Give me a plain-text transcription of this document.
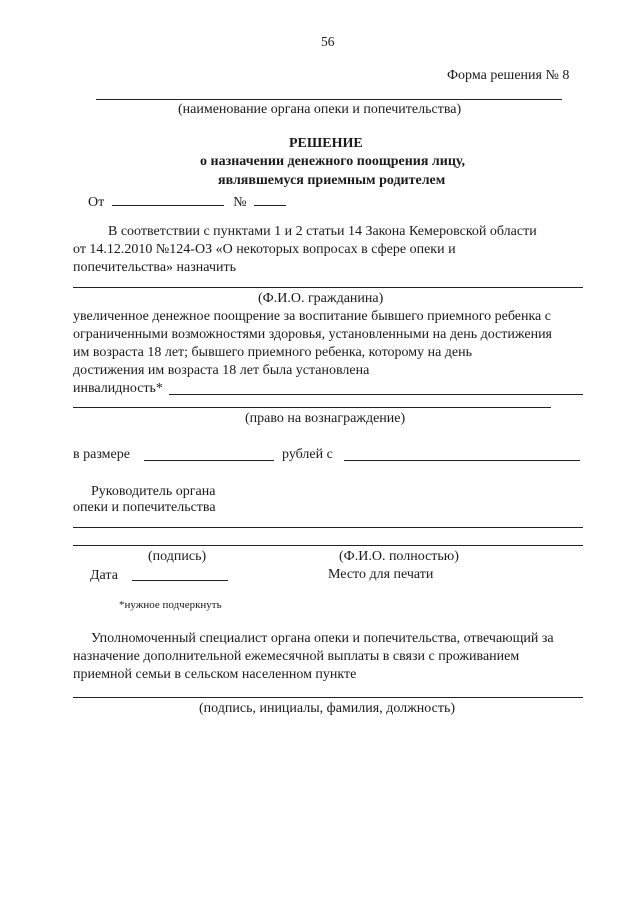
56
Форма решения № 8
(наименование органа опеки и попечительства)
РЕШЕНИЕ
о назначении денежного поощрения лицу,
являвшемуся приемным родителем
От	№
В соответствии с пунктами 1 и 2 статьи 14 Закона Кемеровской области
от 14.12.2010 №124-ОЗ «О некоторых вопросах в сфере опеки и
попечительства» назначить
(Ф.И.О. гражданина)
увеличенное денежное поощрение за воспитание бывшего приемного ребенка с
ограниченными возможностями здоровья, установленными на день достижения
им возраста 18 лет; бывшего приемного ребенка, которому на день
достижения им возраста 18 лет была установлена
инвалидность*
(право на вознаграждение)
в размере	рублей с
Руководитель органа
опеки и попечительства
(подпись)	(Ф.И.О. полностью)
Дата	Место для печати
*нужное подчеркнуть
Уполномоченный специалист органа опеки и попечительства, отвечающий за
назначение дополнительной ежемесячной выплаты в связи с проживанием
приемной семьи в сельском населенном пункте
(подпись, инициалы, фамилия, должность)
